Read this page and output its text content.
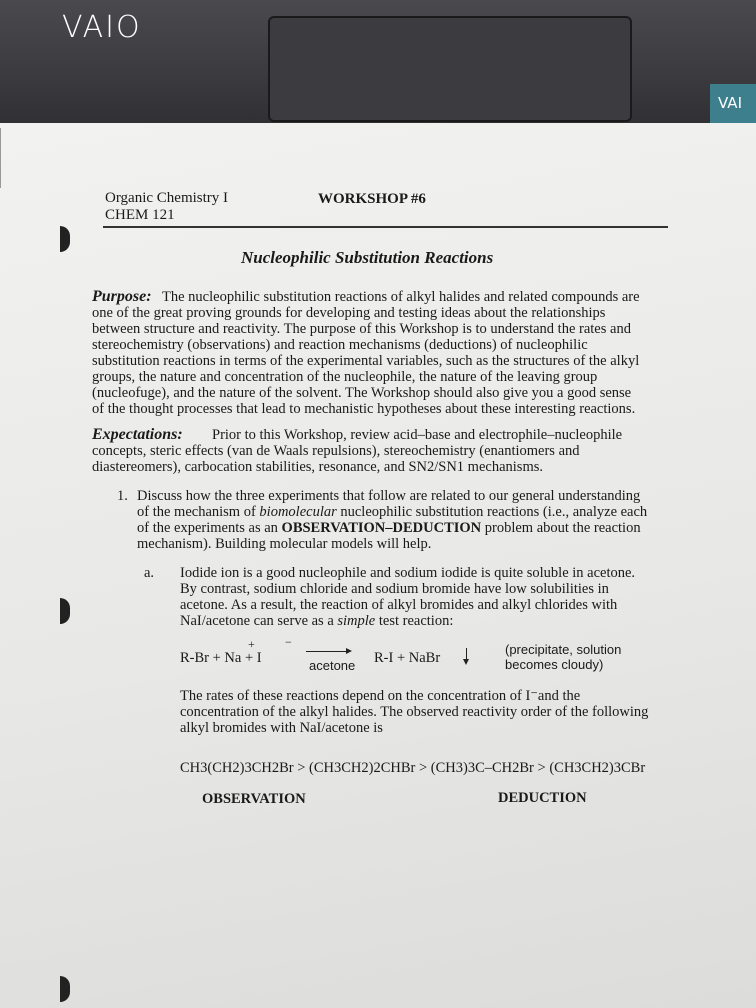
VAIO
VAI
Organic Chemistry I
CHEM 121
WORKSHOP #6
Nucleophilic Substitution Reactions
Purpose: The nucleophilic substitution reactions of alkyl halides and related compounds are
one of the great proving grounds for developing and testing ideas about the relationships
between structure and reactivity. The purpose of this Workshop is to understand the rates and
stereochemistry (observations) and reaction mechanisms (deductions) of nucleophilic
substitution reactions in terms of the experimental variables, such as the structures of the alkyl
groups, the nature and concentration of the nucleophile, the nature of the leaving group
(nucleofuge), and the nature of the solvent. The Workshop should also give you a good sense
of the thought processes that lead to mechanistic hypotheses about these interesting reactions.
Expectations: Prior to this Workshop, review acid–base and electrophile–nucleophile
concepts, steric effects (van de Waals repulsions), stereochemistry (enantiomers and
diastereomers), carbocation stabilities, resonance, and SN2/SN1 mechanisms.
1. Discuss how the three experiments that follow are related to our general understanding
of the mechanism of biomolecular nucleophilic substitution reactions (i.e., analyze each
of the experiments as an OBSERVATION–DEDUCTION problem about the reaction
mechanism). Building molecular models will help.
a. Iodide ion is a good nucleophile and sodium iodide is quite soluble in acetone.
By contrast, sodium chloride and sodium bromide have low solubilities in
acetone. As a result, the reaction of alkyl bromides and alkyl chlorides with
NaI/acetone can serve as a simple test reaction:
R-Br + Na + I
+	−
acetone R-I + NaBr
(precipitate, solution
becomes cloudy)
The rates of these reactions depend on the concentration of I⁻and the
concentration of the alkyl halides. The observed reactivity order of the following
alkyl bromides with NaI/acetone is
CH3(CH2)3CH2Br > (CH3CH2)2CHBr > (CH3)3C–CH2Br > (CH3CH2)3CBr
OBSERVATION	DEDUCTION
